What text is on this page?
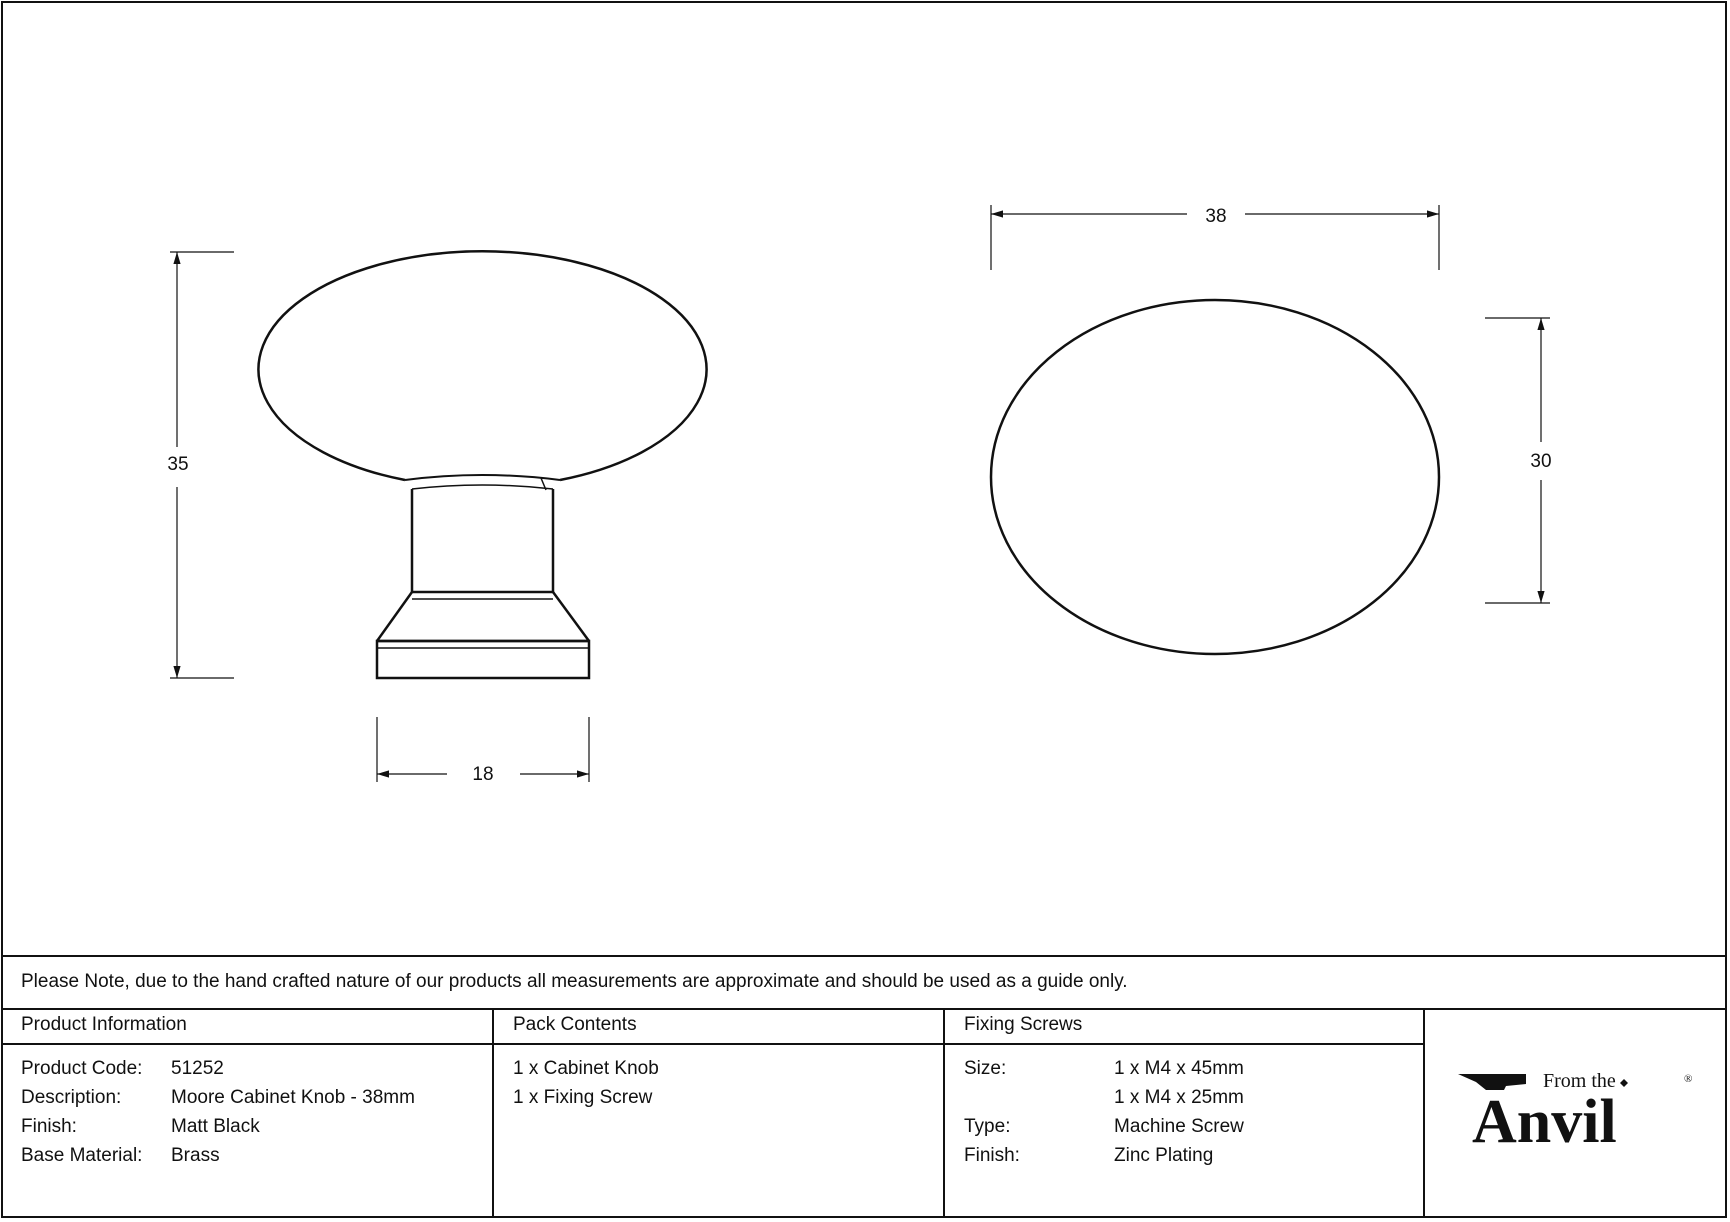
35
18
38
30
Please Note, due to the hand crafted nature of our products all measurements are approximate and should be used as a guide only.
Product Information
Product Code: 51252
Description:	Moore Cabinet Knob - 38mm
Finish:	Matt Black
Base Material: Brass
Pack Contents
1 x Cabinet Knob
1 x Fixing Screw
Fixing Screws
Size:	1 x M4 x 45mm
1 x M4 x 25mm
Type:	Machine Screw
Finish:	Zinc Plating
From the
Anvil
®
